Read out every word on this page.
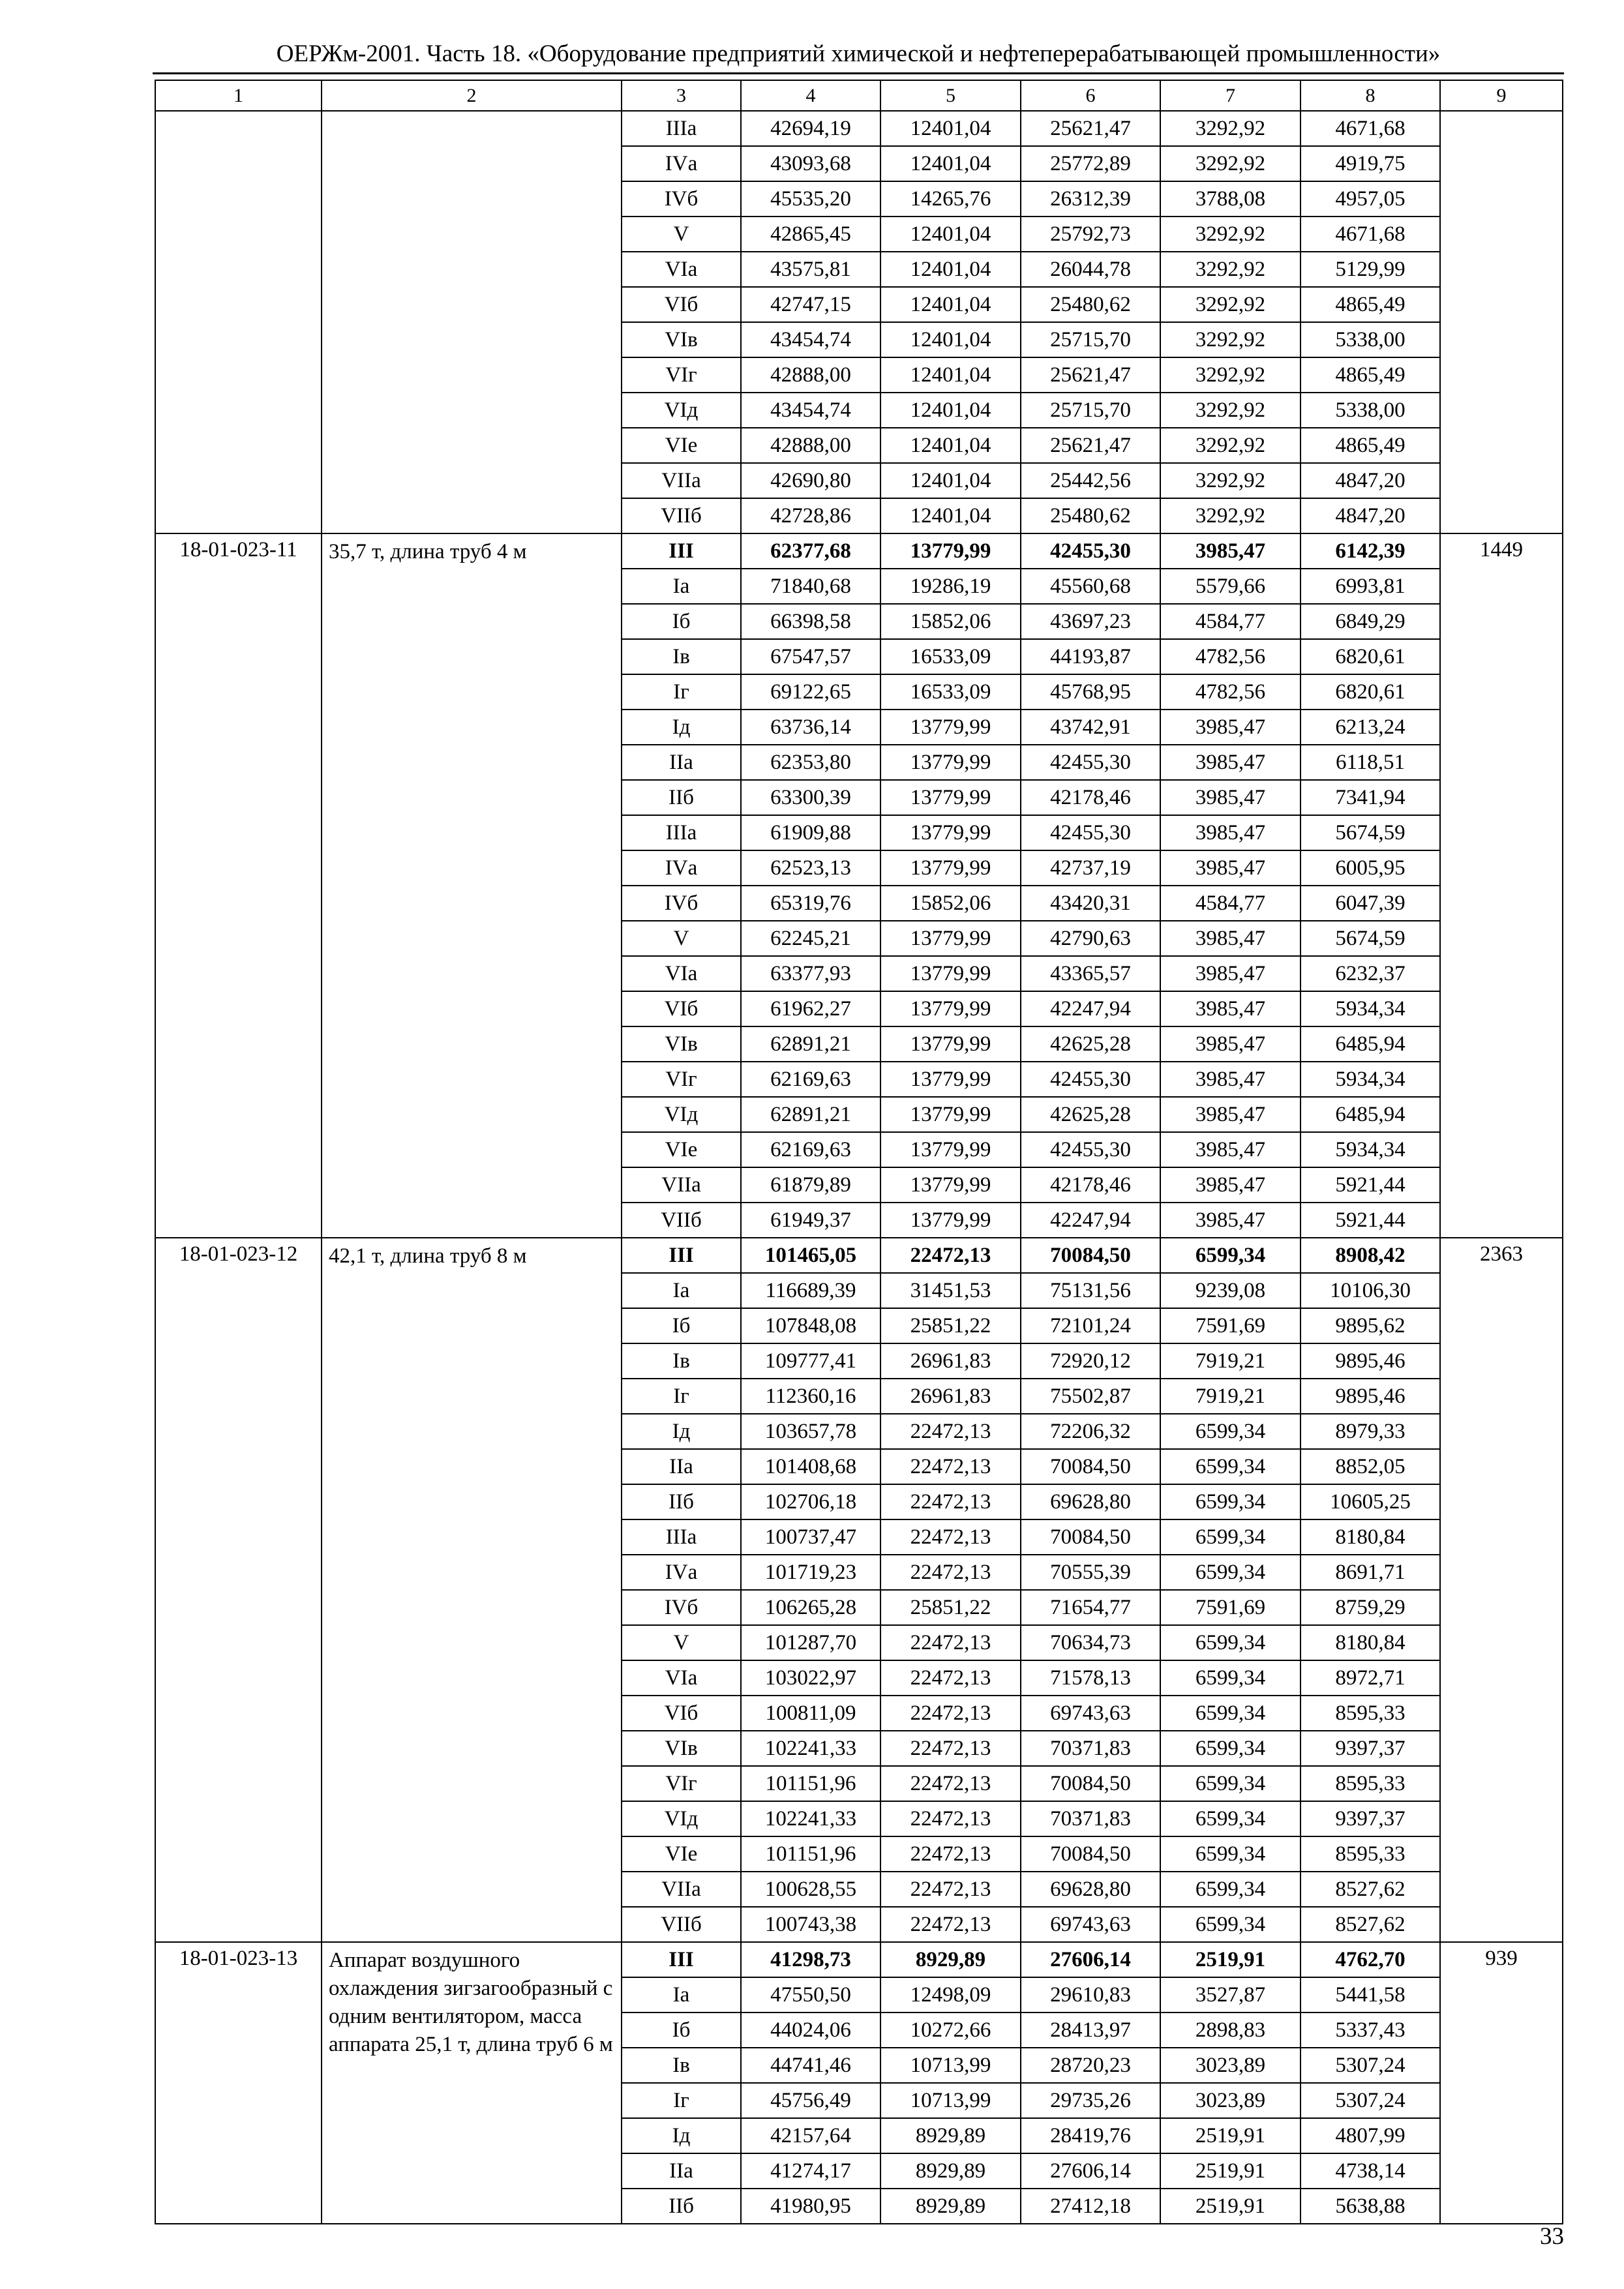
ОЕРЖм-2001. Часть 18. «Оборудование предприятий химической и нефтеперерабатывающей промышленности»
1	2	3	4	5	6	7	8	9
		IIIа	42694,19	12401,04	25621,47	3292,92	4671,68	
		IVа	43093,68	12401,04	25772,89	3292,92	4919,75	
		IVб	45535,20	14265,76	26312,39	3788,08	4957,05	
		V	42865,45	12401,04	25792,73	3292,92	4671,68	
		VIа	43575,81	12401,04	26044,78	3292,92	5129,99	
		VIб	42747,15	12401,04	25480,62	3292,92	4865,49	
		VIв	43454,74	12401,04	25715,70	3292,92	5338,00	
		VIг	42888,00	12401,04	25621,47	3292,92	4865,49	
		VIд	43454,74	12401,04	25715,70	3292,92	5338,00	
		VIе	42888,00	12401,04	25621,47	3292,92	4865,49	
		VIIа	42690,80	12401,04	25442,56	3292,92	4847,20	
		VIIб	42728,86	12401,04	25480,62	3292,92	4847,20	
18-01-023-11	35,7 т, длина труб 4 м	III	62377,68	13779,99	42455,30	3985,47	6142,39	1449
		Iа	71840,68	19286,19	45560,68	5579,66	6993,81	
		Iб	66398,58	15852,06	43697,23	4584,77	6849,29	
		Iв	67547,57	16533,09	44193,87	4782,56	6820,61	
		Iг	69122,65	16533,09	45768,95	4782,56	6820,61	
		Iд	63736,14	13779,99	43742,91	3985,47	6213,24	
		IIа	62353,80	13779,99	42455,30	3985,47	6118,51	
		IIб	63300,39	13779,99	42178,46	3985,47	7341,94	
		IIIа	61909,88	13779,99	42455,30	3985,47	5674,59	
		IVа	62523,13	13779,99	42737,19	3985,47	6005,95	
		IVб	65319,76	15852,06	43420,31	4584,77	6047,39	
		V	62245,21	13779,99	42790,63	3985,47	5674,59	
		VIа	63377,93	13779,99	43365,57	3985,47	6232,37	
		VIб	61962,27	13779,99	42247,94	3985,47	5934,34	
		VIв	62891,21	13779,99	42625,28	3985,47	6485,94	
		VIг	62169,63	13779,99	42455,30	3985,47	5934,34	
		VIд	62891,21	13779,99	42625,28	3985,47	6485,94	
		VIе	62169,63	13779,99	42455,30	3985,47	5934,34	
		VIIа	61879,89	13779,99	42178,46	3985,47	5921,44	
		VIIб	61949,37	13779,99	42247,94	3985,47	5921,44	
18-01-023-12	42,1 т, длина труб 8 м	III	101465,05	22472,13	70084,50	6599,34	8908,42	2363
		Iа	116689,39	31451,53	75131,56	9239,08	10106,30	
		Iб	107848,08	25851,22	72101,24	7591,69	9895,62	
		Iв	109777,41	26961,83	72920,12	7919,21	9895,46	
		Iг	112360,16	26961,83	75502,87	7919,21	9895,46	
		Iд	103657,78	22472,13	72206,32	6599,34	8979,33	
		IIа	101408,68	22472,13	70084,50	6599,34	8852,05	
		IIб	102706,18	22472,13	69628,80	6599,34	10605,25	
		IIIа	100737,47	22472,13	70084,50	6599,34	8180,84	
		IVа	101719,23	22472,13	70555,39	6599,34	8691,71	
		IVб	106265,28	25851,22	71654,77	7591,69	8759,29	
		V	101287,70	22472,13	70634,73	6599,34	8180,84	
		VIа	103022,97	22472,13	71578,13	6599,34	8972,71	
		VIб	100811,09	22472,13	69743,63	6599,34	8595,33	
		VIв	102241,33	22472,13	70371,83	6599,34	9397,37	
		VIг	101151,96	22472,13	70084,50	6599,34	8595,33	
		VIд	102241,33	22472,13	70371,83	6599,34	9397,37	
		VIе	101151,96	22472,13	70084,50	6599,34	8595,33	
		VIIа	100628,55	22472,13	69628,80	6599,34	8527,62	
		VIIб	100743,38	22472,13	69743,63	6599,34	8527,62	
18-01-023-13	Аппарат воздушного охлаждения зигзагообразный с одним вентилятором, масса аппарата 25,1 т, длина труб 6 м	III	41298,73	8929,89	27606,14	2519,91	4762,70	939
		Iа	47550,50	12498,09	29610,83	3527,87	5441,58	
		Iб	44024,06	10272,66	28413,97	2898,83	5337,43	
		Iв	44741,46	10713,99	28720,23	3023,89	5307,24	
		Iг	45756,49	10713,99	29735,26	3023,89	5307,24	
		Iд	42157,64	8929,89	28419,76	2519,91	4807,99	
		IIа	41274,17	8929,89	27606,14	2519,91	4738,14	
		IIб	41980,95	8929,89	27412,18	2519,91	5638,88	
33
